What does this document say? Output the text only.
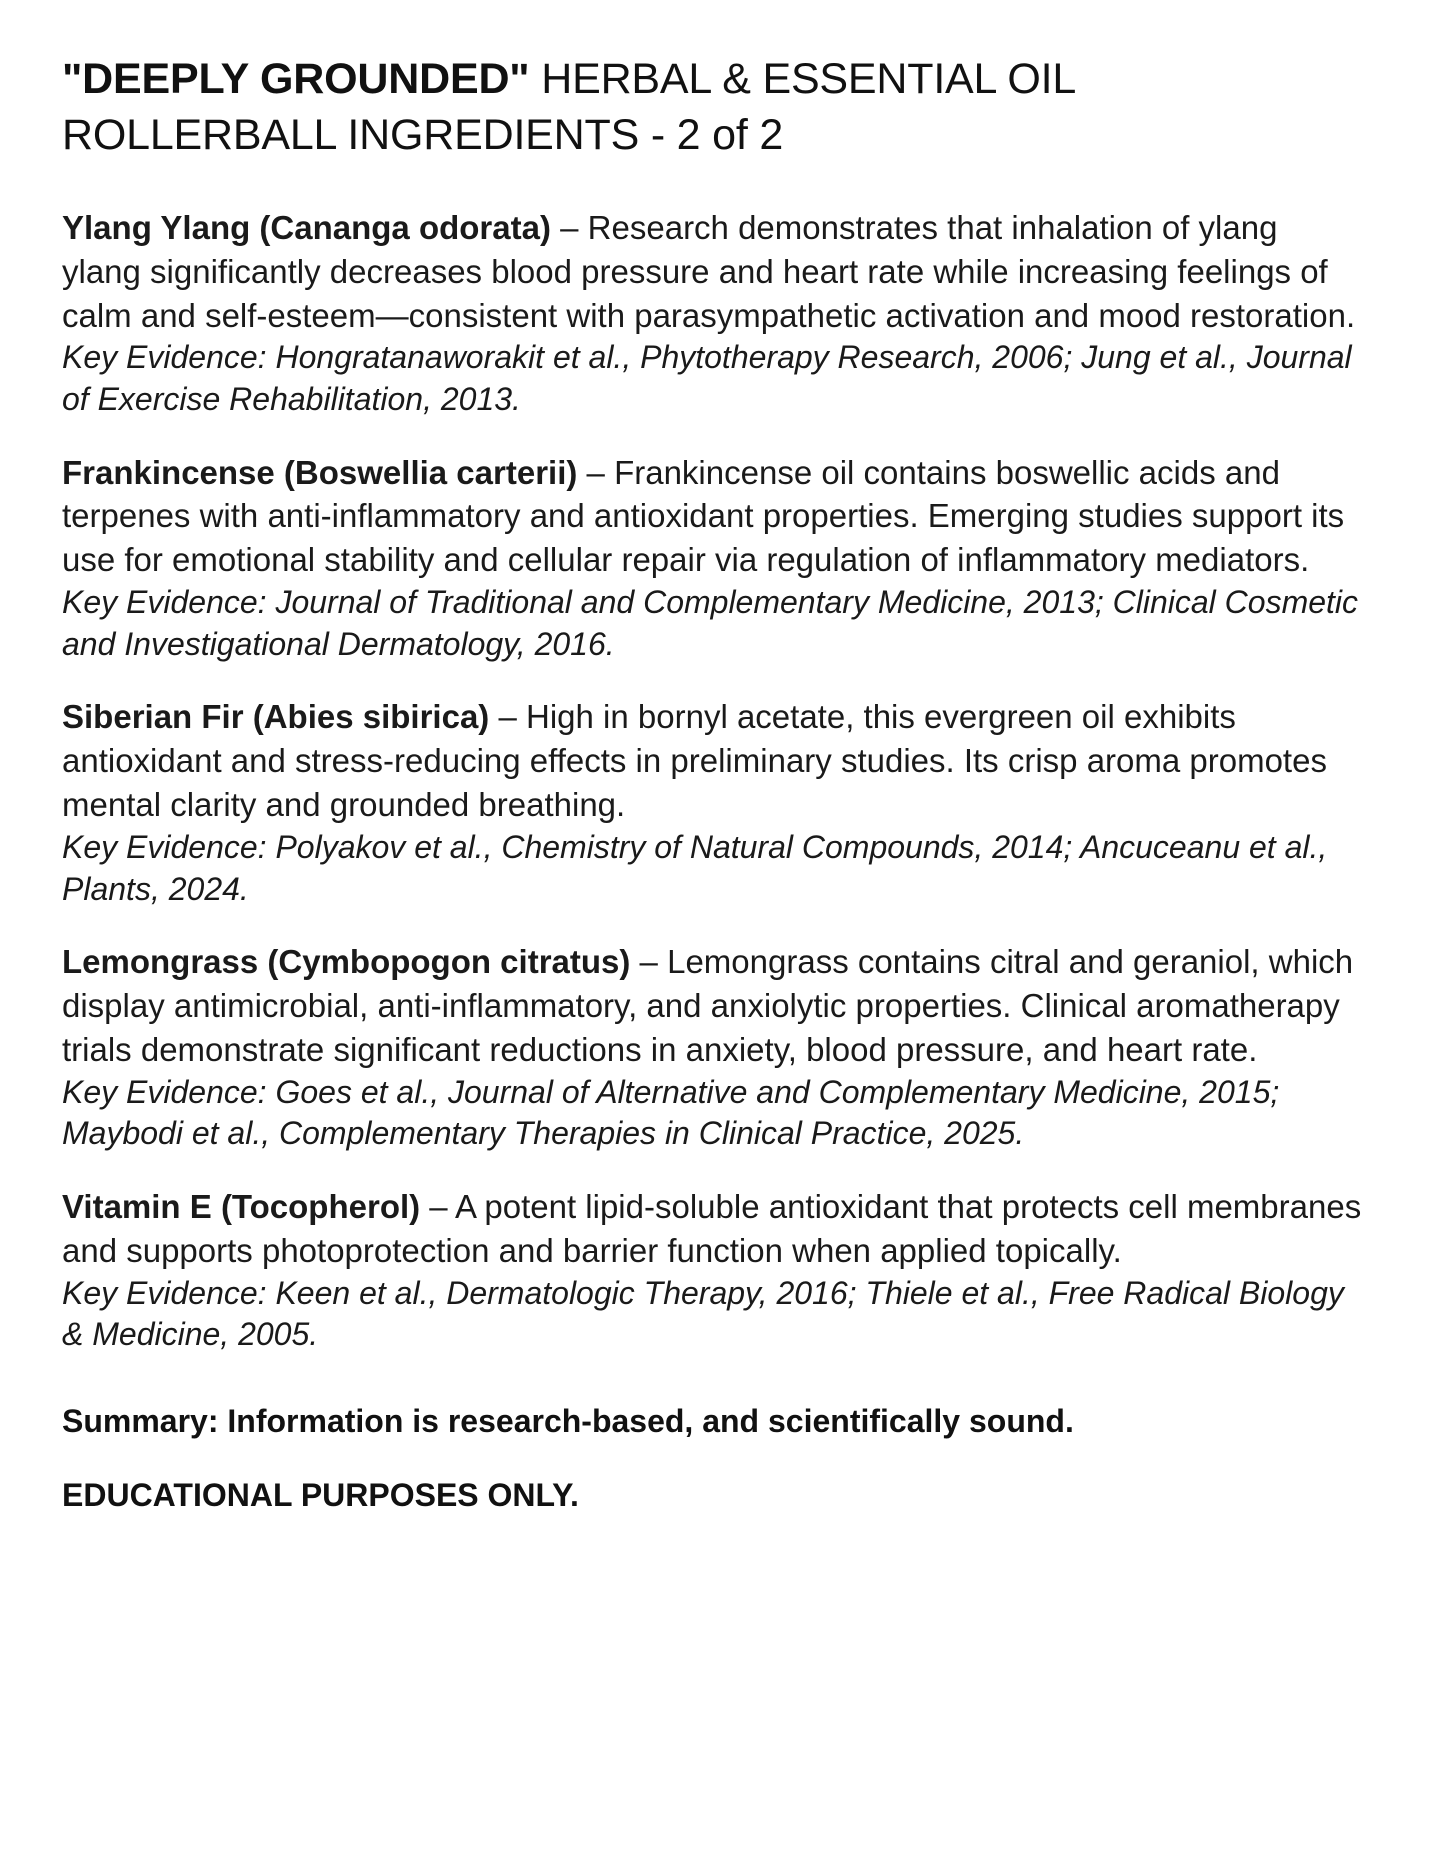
"DEEPLY GROUNDED" HERBAL & ESSENTIAL OIL ROLLERBALL INGREDIENTS - 2 of 2

Ylang Ylang (Cananga odorata) – Research demonstrates that inhalation of ylang ylang significantly decreases blood pressure and heart rate while increasing feelings of calm and self-esteem—consistent with parasympathetic activation and mood restoration.

Key Evidence: Hongratanaworakit et al., Phytotherapy Research, 2006; Jung et al., Journal of Exercise Rehabilitation, 2013.

Frankincense (Boswellia carterii) – Frankincense oil contains boswellic acids and terpenes with anti-inflammatory and antioxidant properties. Emerging studies support its use for emotional stability and cellular repair via regulation of inflammatory mediators.

Key Evidence: Journal of Traditional and Complementary Medicine, 2013; Clinical Cosmetic and Investigational Dermatology, 2016.

Siberian Fir (Abies sibirica) – High in bornyl acetate, this evergreen oil exhibits antioxidant and stress-reducing effects in preliminary studies. Its crisp aroma promotes mental clarity and grounded breathing.

Key Evidence: Polyakov et al., Chemistry of Natural Compounds, 2014; Ancuceanu et al., Plants, 2024.

Lemongrass (Cymbopogon citratus) – Lemongrass contains citral and geraniol, which display antimicrobial, anti-inflammatory, and anxiolytic properties. Clinical aromatherapy trials demonstrate significant reductions in anxiety, blood pressure, and heart rate.

Key Evidence: Goes et al., Journal of Alternative and Complementary Medicine, 2015; Maybodi et al., Complementary Therapies in Clinical Practice, 2025.

Vitamin E (Tocopherol) – A potent lipid-soluble antioxidant that protects cell membranes and supports photoprotection and barrier function when applied topically.

Key Evidence: Keen et al., Dermatologic Therapy, 2016; Thiele et al., Free Radical Biology & Medicine, 2005.

Summary: Information is research-based, and scientifically sound.

EDUCATIONAL PURPOSES ONLY.
